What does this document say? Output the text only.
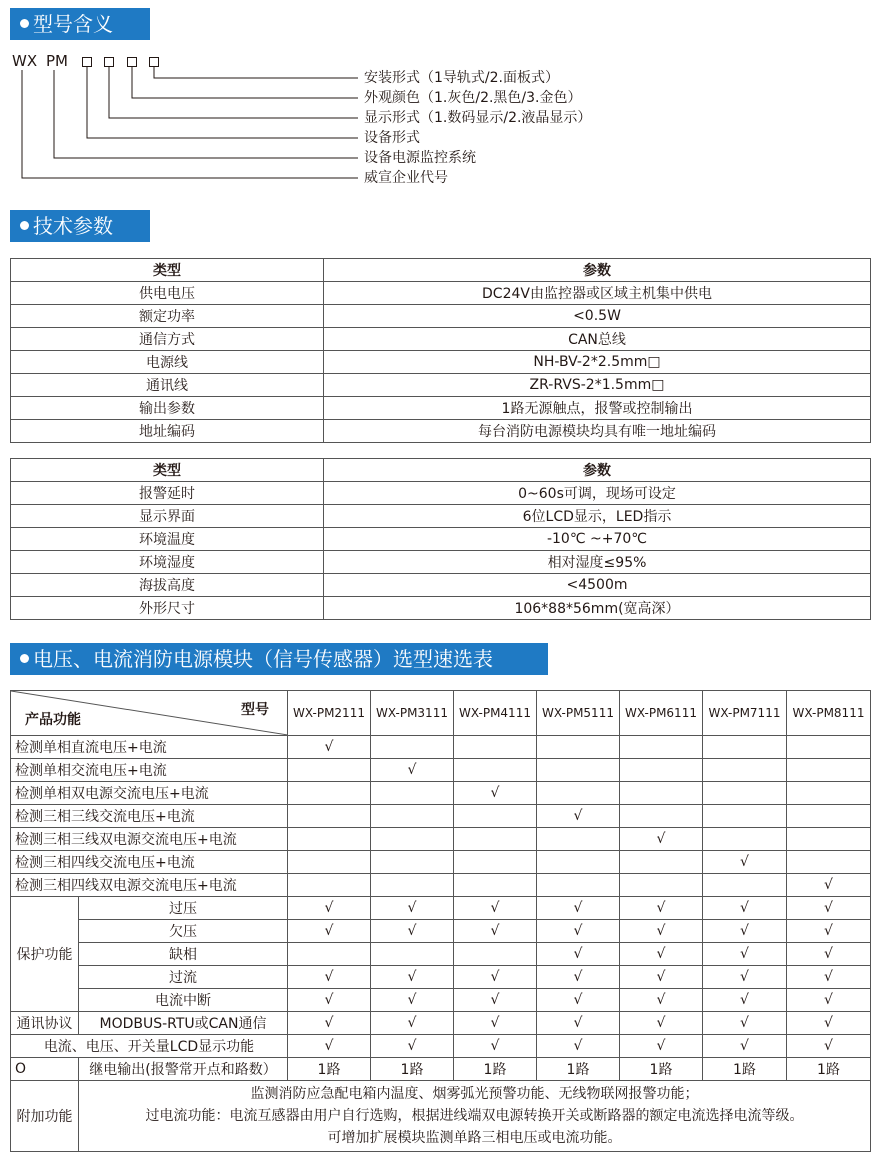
型号含义
WX PM
安装形式（1导轨式/2.面板式）
外观颜色（1.灰色/2.黑色/3.金色）
显示形式（1.数码显示/2.液晶显示）
设备形式
设备电源监控系统
威宣企业代号
技术参数
类型	参数
供电电压	DC24V由监控器或区域主机集中供电
额定功率	<0.5W
通信方式	CAN总线
电源线	NH-BV-2*2.5mm□
通讯线	ZR-RVS-2*1.5mm□
输出参数	1路无源触点，报警或控制输出
地址编码	每台消防电源模块均具有唯一地址编码
类型	参数
报警延时	0~60s可调，现场可设定
显示界面	6位LCD显示，LED指示
环境温度	-10℃ ~+70℃
环境湿度	相对湿度≤95%
海拔高度	<4500m
外形尺寸	106*88*56mm(宽高深）
电压、电流消防电源模块（信号传感器）选型速选表
型号
产品功能		WX-PM2111	WX-PM3111	WX-PM4111	WX-PM5111	WX-PM6111	WX-PM7111	WX-PM8111
检测单相直流电压+电流		√						
检测单相交流电压+电流			√					
检测单相双电源交流电压+电流				√				
检测三相三线交流电压+电流					√			
检测三相三线双电源交流电压+电流						√		
检测三相四线交流电压+电流							√	
检测三相四线双电源交流电压+电流								√
保护功能	过压	√	√	√	√	√	√	√
	欠压	√	√	√	√	√	√	√
	缺相				√	√	√	√
	过流	√	√	√	√	√	√	√
	电流中断	√	√	√	√	√	√	√
通讯协议	MODBUS-RTU或CAN通信	√	√	√	√	√	√	√
电流、电压、开关量LCD显示功能		√	√	√	√	√	√	√
O	继电输出(报警常开点和路数）	1路	1路	1路	1路	1路	1路	1路
附加功能	监测消防应急配电箱内温度、烟雾弧光预警功能、无线物联网报警功能；
过电流功能：电流互感器由用户自行选购，根据进线端双电源转换开关或断路器的额定电流选择电流等级。
可增加扩展模块监测单路三相电压或电流功能。							
